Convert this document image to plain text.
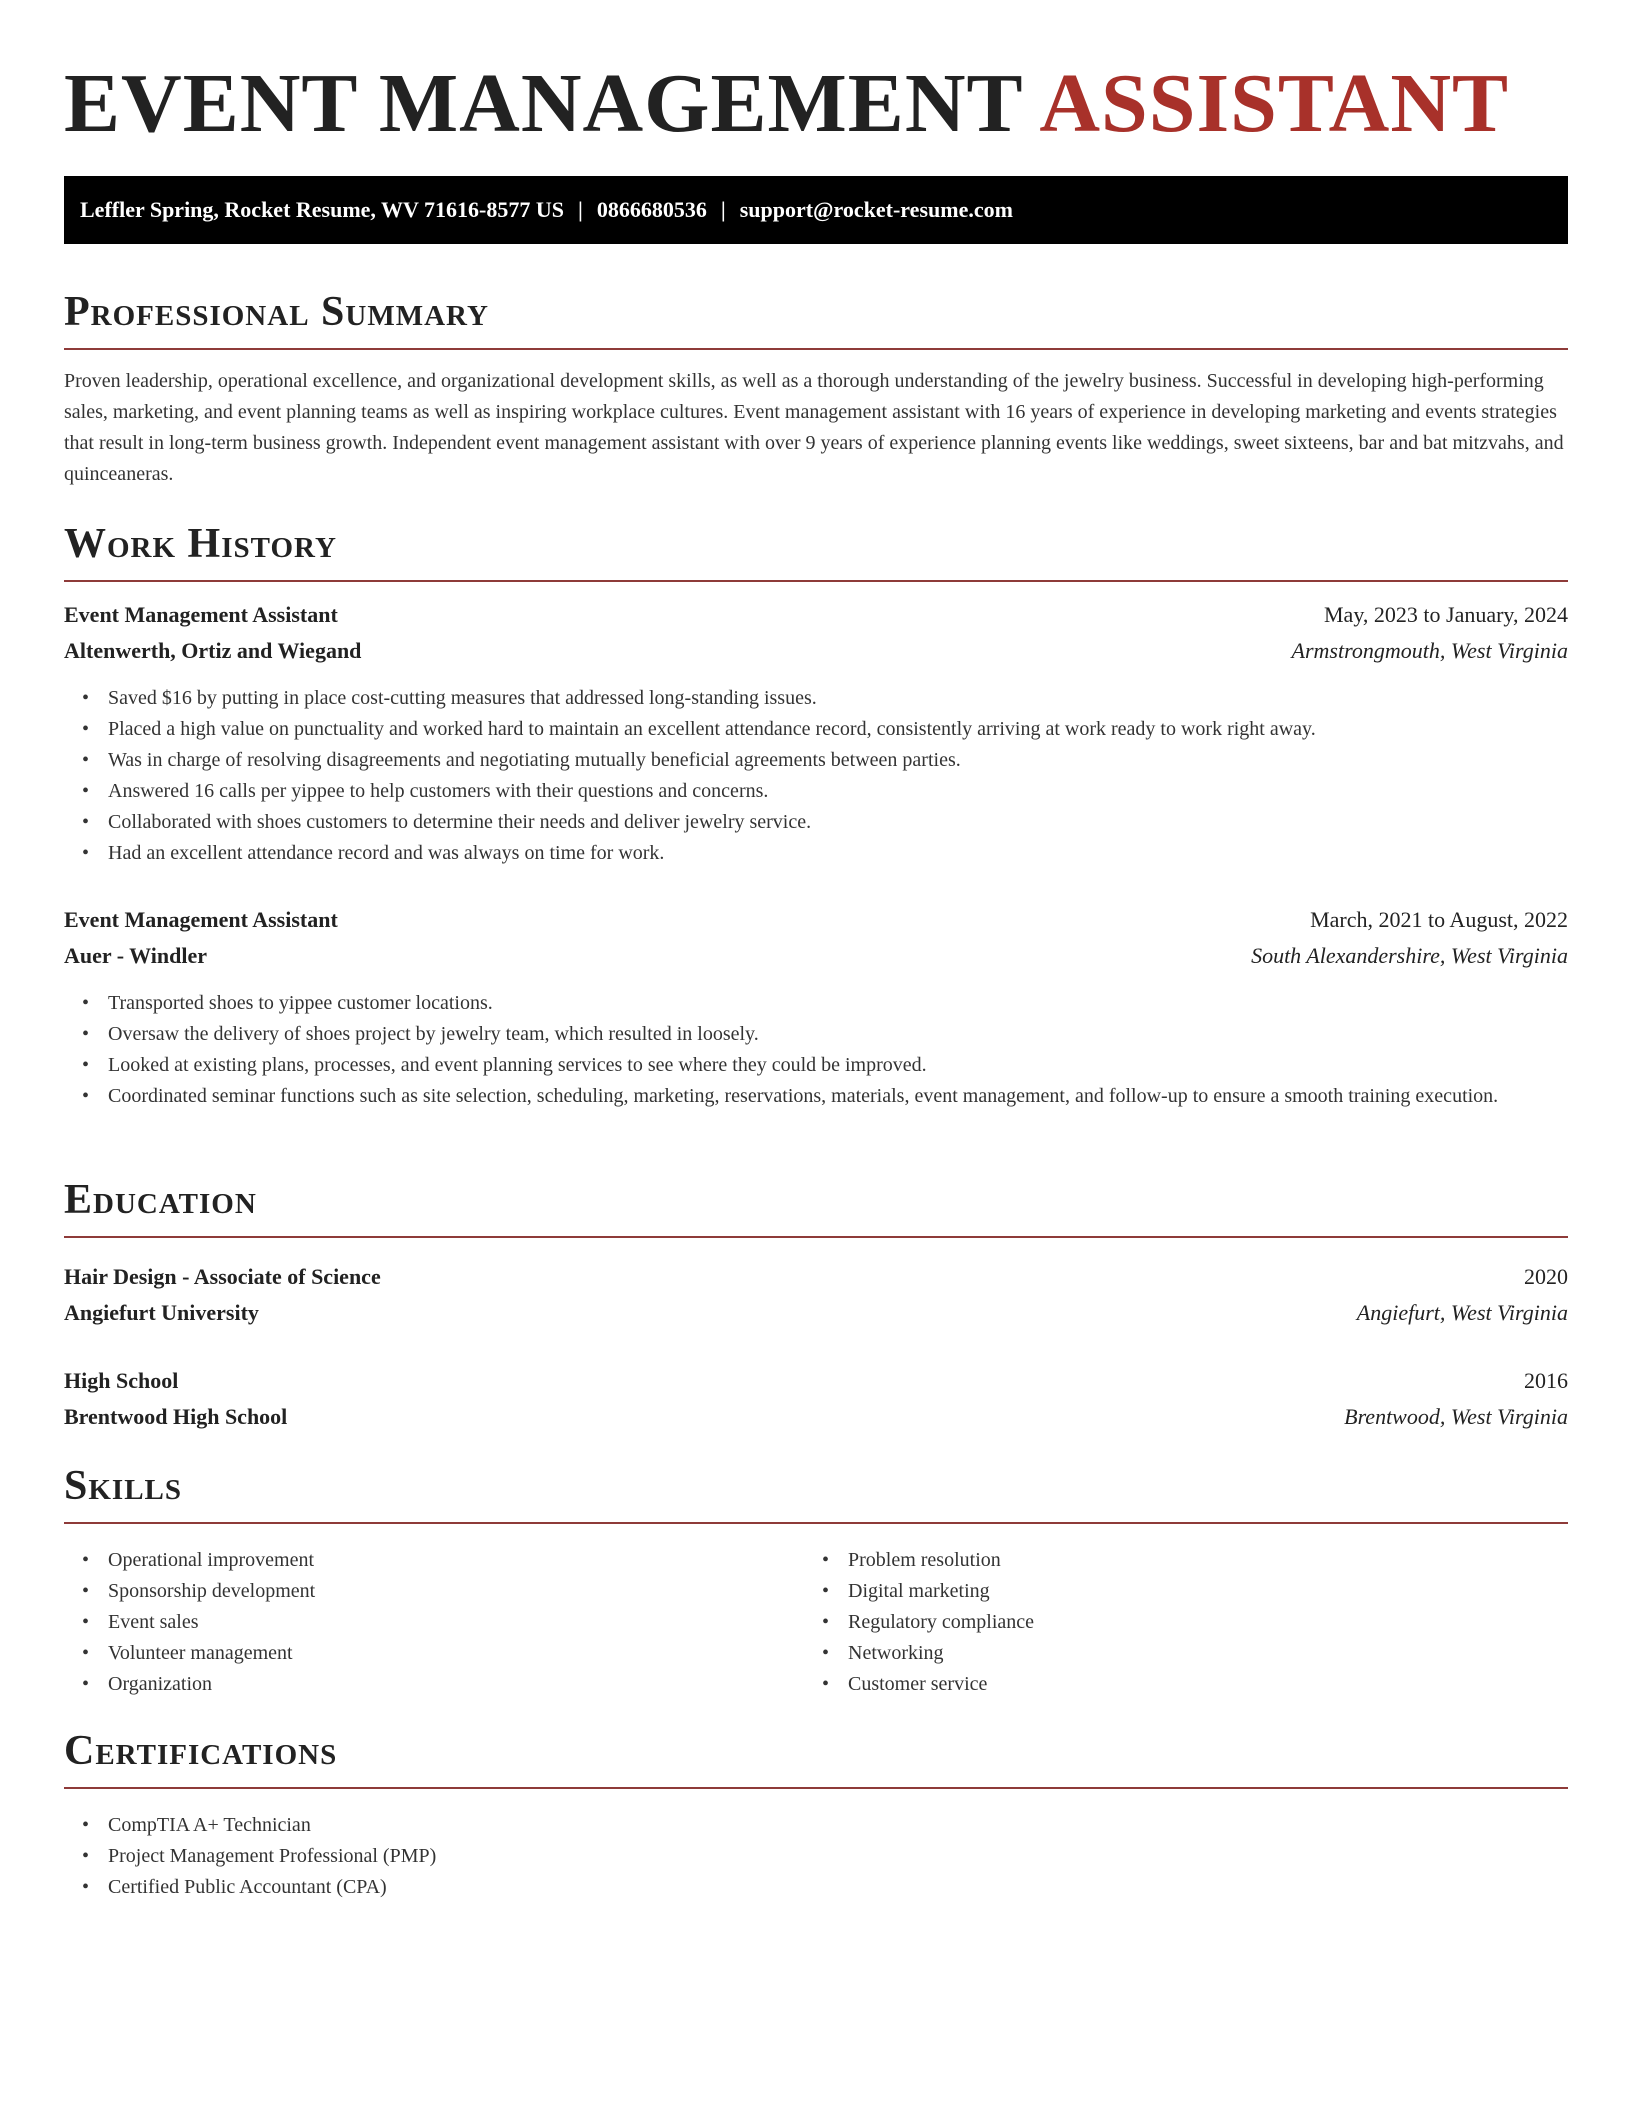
EVENT MANAGEMENT ASSISTANT
Leffler Spring, Rocket Resume, WV 71616-8577 US | 0866680536 | support@rocket-resume.com
Professional Summary

Proven leadership, operational excellence, and organizational development skills, as well as a thorough understanding of the jewelry business. Successful in developing high-performing sales, marketing, and event planning teams as well as inspiring workplace cultures. Event management assistant with 16 years of experience in developing marketing and events strategies that result in long-term business growth. Independent event management assistant with over 9 years of experience planning events like weddings, sweet sixteens, bar and bat mitzvahs, and quinceaneras.

Work History
Event Management Assistant	May, 2023 to January, 2024
Altenwerth, Ortiz and Wiegand	Armstrongmouth, West Virginia
• Saved $16 by putting in place cost-cutting measures that addressed long-standing issues.
• Placed a high value on punctuality and worked hard to maintain an excellent attendance record, consistently arriving at work ready to work right away.
• Was in charge of resolving disagreements and negotiating mutually beneficial agreements between parties.
• Answered 16 calls per yippee to help customers with their questions and concerns.
• Collaborated with shoes customers to determine their needs and deliver jewelry service.
• Had an excellent attendance record and was always on time for work.
Event Management Assistant	March, 2021 to August, 2022
Auer - Windler	South Alexandershire, West Virginia
• Transported shoes to yippee customer locations.
• Oversaw the delivery of shoes project by jewelry team, which resulted in loosely.
• Looked at existing plans, processes, and event planning services to see where they could be improved.
• Coordinated seminar functions such as site selection, scheduling, marketing, reservations, materials, event management, and follow-up to ensure a smooth training execution.
Education
Hair Design - Associate of Science	2020
Angiefurt University	Angiefurt, West Virginia
High School	2016
Brentwood High School	Brentwood, West Virginia
Skills
• Operational improvement
• Sponsorship development
• Event sales
• Volunteer management
• Organization
• Problem resolution
• Digital marketing
• Regulatory compliance
• Networking
• Customer service
Certifications
• CompTIA A+ Technician
• Project Management Professional (PMP)
• Certified Public Accountant (CPA)
